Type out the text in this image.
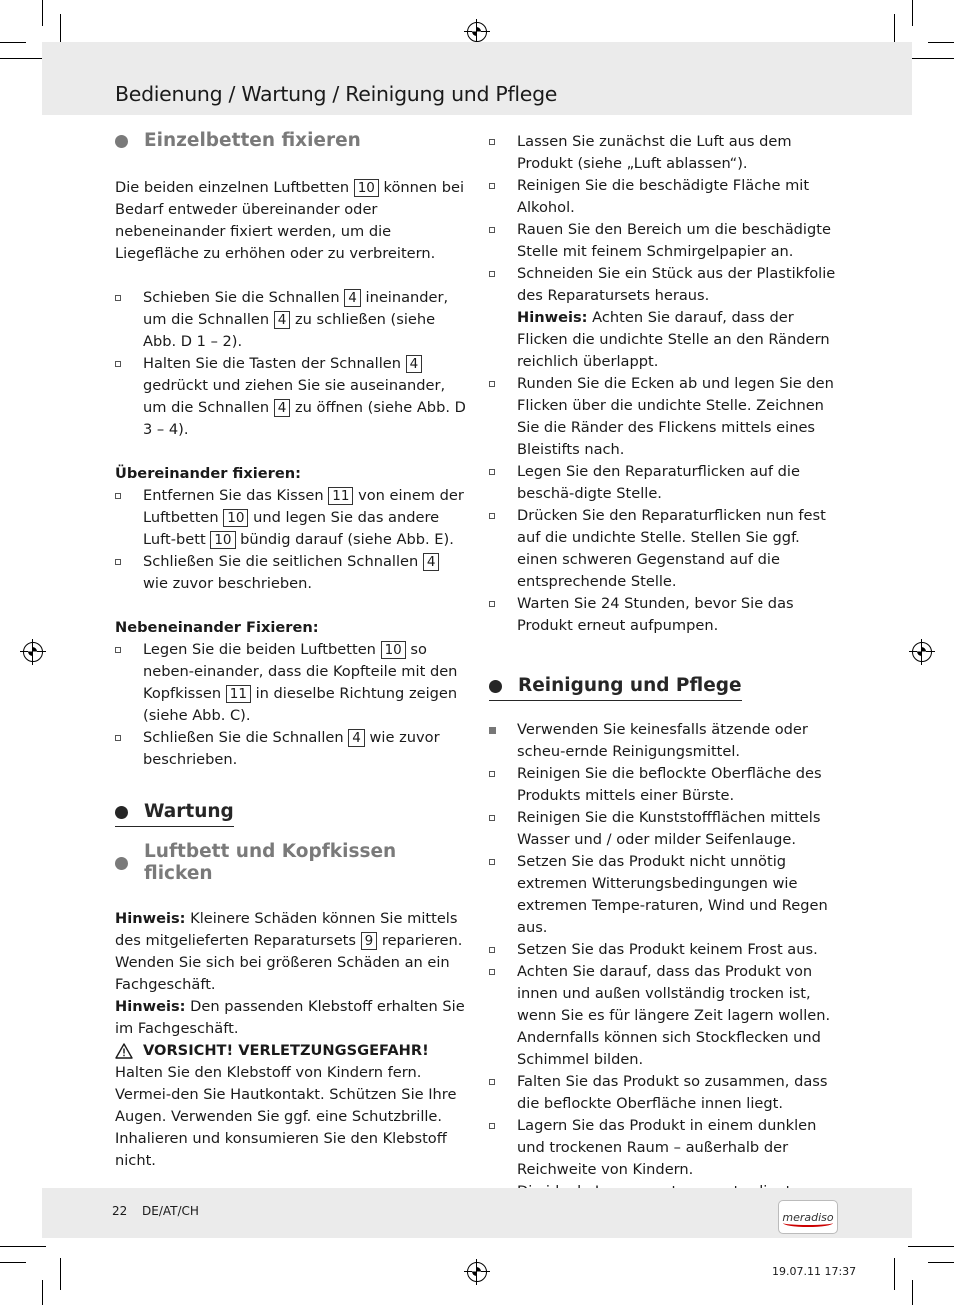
Bedienung / Wartung / Reinigung und Pflege
Einzelbetten fixieren

Die beiden einzelnen Luftbetten 10 können bei Bedarf entweder übereinander oder nebeneinander fixiert werden, um die Liegefläche zu erhöhen oder zu verbreitern.

Schieben Sie die Schnallen 4 ineinander, um die Schnallen 4 zu schließen (siehe Abb. D 1 – 2).
Halten Sie die Tasten der Schnallen 4 gedrückt und ziehen Sie sie auseinander, um die Schnallen 4 zu öffnen (siehe Abb. D 3 – 4).

Übereinander fixieren:

Entfernen Sie das Kissen 11 von einem der Luftbetten 10 und legen Sie das andere Luft-bett 10 bündig darauf (siehe Abb. E).
Schließen Sie die seitlichen Schnallen 4 wie zuvor beschrieben.

Nebeneinander Fixieren:

Legen Sie die beiden Luftbetten 10 so neben-einander, dass die Kopfteile mit den Kopfkissen 11 in dieselbe Richtung zeigen (siehe Abb. C).
Schließen Sie die Schnallen 4 wie zuvor beschrieben.
Wartung

Luftbett und Kopfkissen flicken

Hinweis: Kleinere Schäden können Sie mittels des mitgelieferten Reparatursets 9 reparieren. Wenden Sie sich bei größeren Schäden an ein Fachgeschäft.

Hinweis: Den passenden Klebstoff erhalten Sie im Fachgeschäft.

VORSICHT! VERLETZUNGSGEFAHR!

Halten Sie den Klebstoff von Kindern fern. Vermei-den Sie Hautkontakt. Schützen Sie Ihre Augen. Verwenden Sie ggf. eine Schutzbrille. Inhalieren und konsumieren Sie den Klebstoff nicht.

Lassen Sie zunächst die Luft aus dem Produkt (siehe „Luft ablassen“).
Reinigen Sie die beschädigte Fläche mit Alkohol.
Rauen Sie den Bereich um die beschädigte Stelle mit feinem Schmirgelpapier an.
Schneiden Sie ein Stück aus der Plastikfolie des Reparatursets heraus.
Hinweis: Achten Sie darauf, dass der Flicken die undichte Stelle an den Rändern reichlich überlappt.
Runden Sie die Ecken ab und legen Sie den Flicken über die undichte Stelle. Zeichnen Sie die Ränder des Flickens mittels eines Bleistifts nach.
Legen Sie den Reparaturflicken auf die beschä-digte Stelle.
Drücken Sie den Reparaturflicken nun fest auf die undichte Stelle. Stellen Sie ggf. einen schweren Gegenstand auf die entsprechende Stelle.
Warten Sie 24 Stunden, bevor Sie das Produkt erneut aufpumpen.
Reinigung und Pflege
Verwenden Sie keinesfalls ätzende oder scheu-ernde Reinigungsmittel.
Reinigen Sie die beflockte Oberfläche des Produkts mittels einer Bürste.
Reinigen Sie die Kunststoffflächen mittels Wasser und / oder milder Seifenlauge.
Setzen Sie das Produkt nicht unnötig extremen Witterungsbedingungen wie extremen Tempe-raturen, Wind und Regen aus.
Setzen Sie das Produkt keinem Frost aus.
Achten Sie darauf, dass das Produkt von innen und außen vollständig trocken ist, wenn Sie es für längere Zeit lagern wollen. Andernfalls können sich Stockflecken und Schimmel bilden.
Falten Sie das Produkt so zusammen, dass die beflockte Oberfläche innen liegt.
Lagern Sie das Produkt in einem dunklen und trockenen Raum – außerhalb der Reichweite von Kindern.
22 DE/AT/CH	meradiso
19.07.11 17:37
